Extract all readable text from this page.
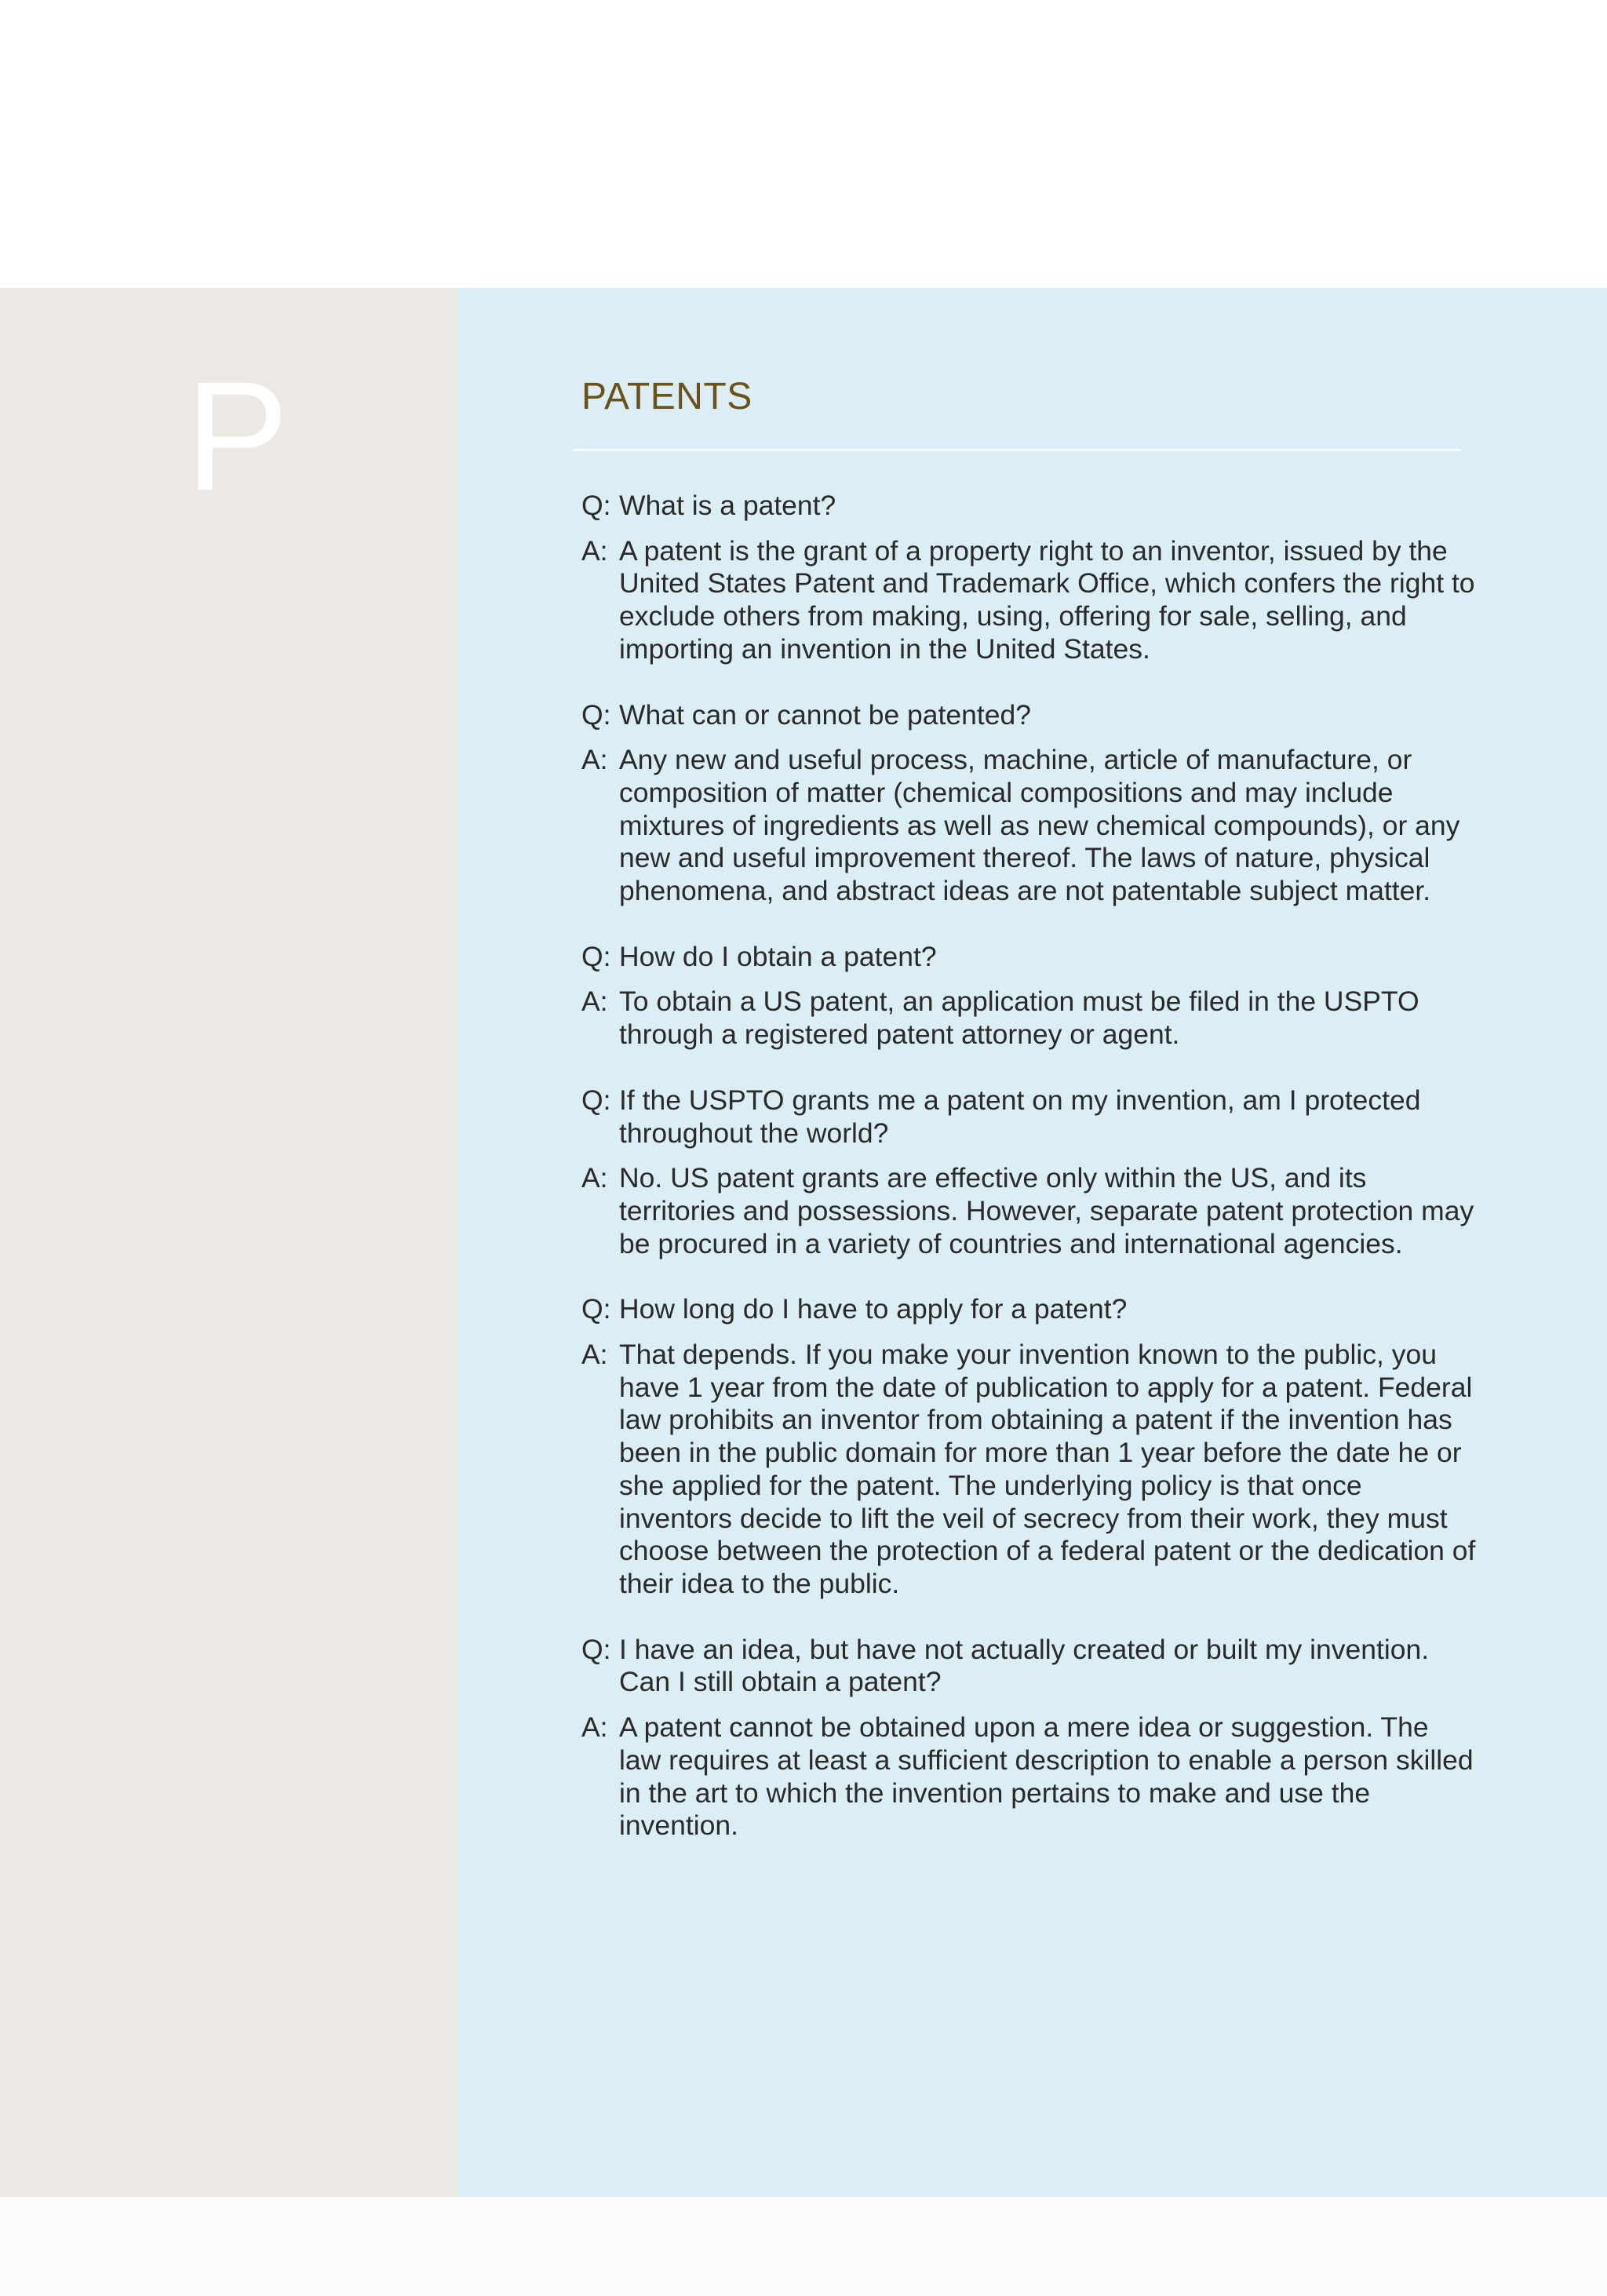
P	PATENTS
Q: What is a patent?
A: A patent is the grant of a property right to an inventor, issued by the United States Patent and Trademark Office, which confers the right to exclude others from making, using, offering for sale, selling, and importing an invention in the United States.
Q: What can or cannot be patented?
A: Any new and useful process, machine, article of manufacture, or composition of matter (chemical compositions and may include mixtures of ingredients as well as new chemical compounds), or any new and useful improvement thereof. The laws of nature, physical phenomena, and abstract ideas are not patentable subject matter.
Q: How do I obtain a patent?
A: To obtain a US patent, an application must be filed in the USPTO through a registered patent attorney or agent.
Q: If the USPTO grants me a patent on my invention, am I protected throughout the world?
A: No. US patent grants are effective only within the US, and its territories and possessions. However, separate patent protection may be procured in a variety of countries and international agencies.
Q: How long do I have to apply for a patent?
A: That depends. If you make your invention known to the public, you have 1 year from the date of publication to apply for a patent. Federal law prohibits an inventor from obtaining a patent if the invention has been in the public domain for more than 1 year before the date he or she applied for the patent. The underlying policy is that once inventors decide to lift the veil of secrecy from their work, they must choose between the protection of a federal patent or the dedication of their idea to the public.
Q: I have an idea, but have not actually created or built my invention. Can I still obtain a patent?
A: A patent cannot be obtained upon a mere idea or suggestion. The law requires at least a sufficient description to enable a person skilled in the art to which the invention pertains to make and use the invention.
